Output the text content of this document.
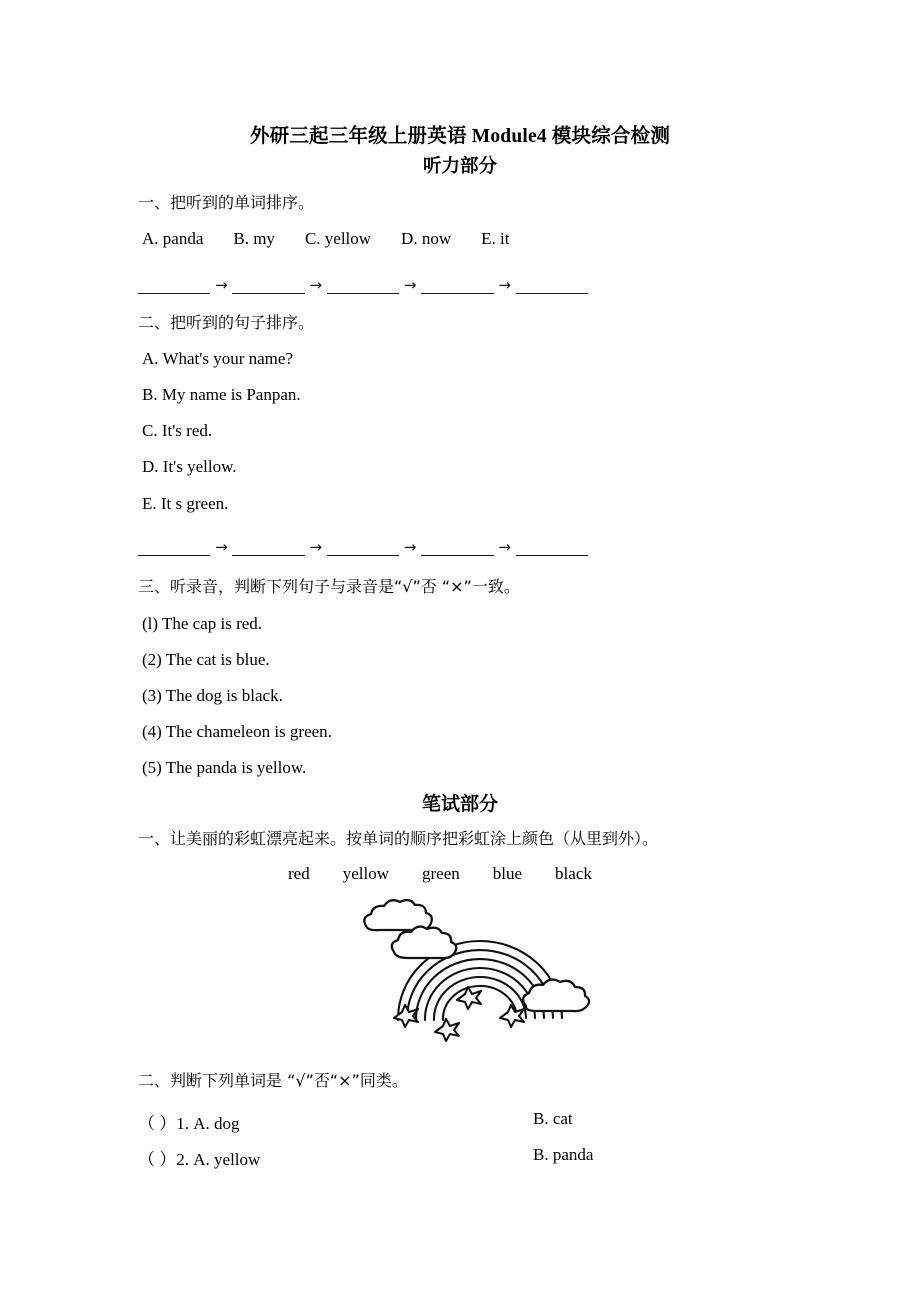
外研三起三年级上册英语 Module4 模块综合检测
听力部分
一、把听到的单词排序。
A. panda B. my C. yellow D. now E. it
→	→	→	→
二、把听到的句子排序。
A. What's your name?
B. My name is Panpan.
C. It's red.
D. It's yellow.
E. It s green.
→	→	→	→
三、听录音，判断下列句子与录音是“√”否 “×”一致。
(l) The cap is red.
(2) The cat is blue.
(3) The dog is black.
(4) The chameleon is green.
(5) The panda is yellow.
笔试部分
一、让美丽的彩虹漂亮起来。按单词的顺序把彩虹涂上颜色（从里到外）。
red yellow green blue black
二、判断下列单词是 “√”否“×”同类。
（ ）1. A. dog	B. cat
（ ）2. A. yellow	B. panda
